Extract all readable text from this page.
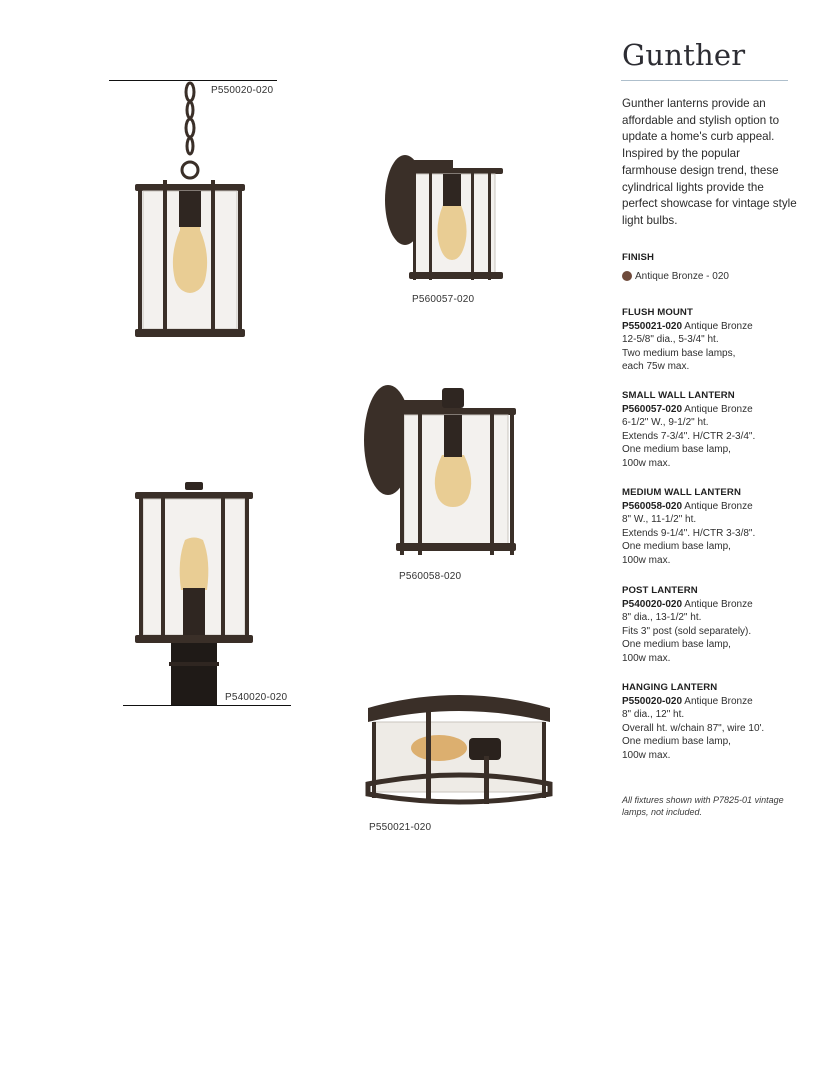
P550020-020
P560057-020
P560058-020
P540020-020
P550021-020
Gunther

Gunther lanterns provide an affordable and stylish option to update a home's curb appeal. Inspired by the popular farmhouse design trend, these cylindrical lights provide the perfect showcase for vintage style light bulbs.

FINISH
Antique Bronze - 020
FLUSH MOUNT
P550021-020 Antique Bronze
12-5/8" dia., 5-3/4" ht.
Two medium base lamps,
each 75w max.
SMALL WALL LANTERN
P560057-020 Antique Bronze
6-1/2" W., 9-1/2" ht.
Extends 7-3/4". H/CTR 2-3/4".
One medium base lamp,
100w max.
MEDIUM WALL LANTERN
P560058-020 Antique Bronze
8" W., 11-1/2" ht.
Extends 9-1/4". H/CTR 3-3/8".
One medium base lamp,
100w max.
POST LANTERN
P540020-020 Antique Bronze
8" dia., 13-1/2" ht.
Fits 3" post (sold separately).
One medium base lamp,
100w max.
HANGING LANTERN
P550020-020 Antique Bronze
8" dia., 12" ht.
Overall ht. w/chain 87", wire 10'.
One medium base lamp,
100w max.

All fixtures shown with P7825-01 vintage lamps, not included.
